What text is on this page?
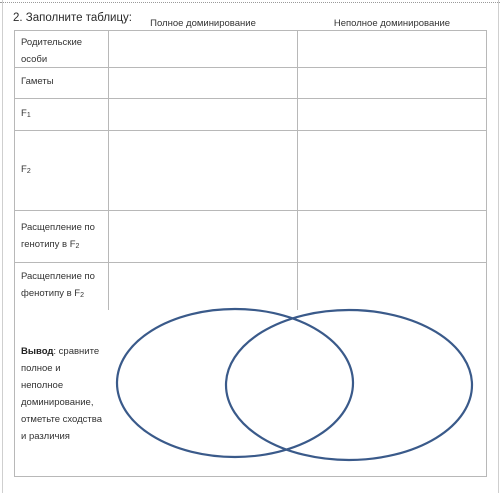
2. Заполните таблицу:	Полное доминирование	Неполное доминирование
Родительские
особи
Гаметы
$F_1$
$F_2$
Расщепление по
генотипу в $F_2$
Расщепление по
фенотипу в $F_2$
Вывод: сравните
полное и
неполное
доминирование,
отметьте сходства
и различия
